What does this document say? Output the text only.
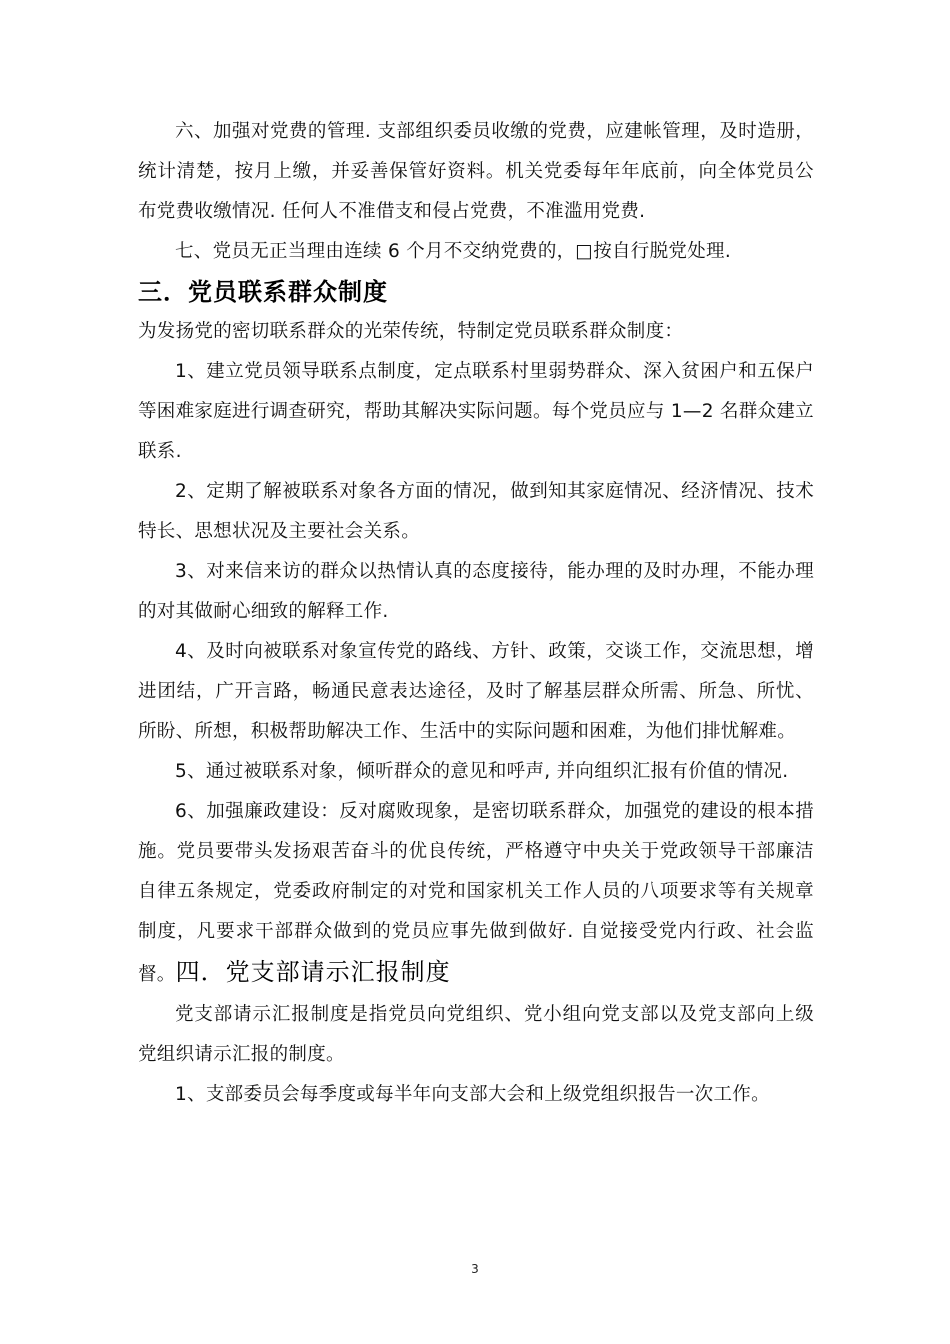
六、加强对党费的管理. 支部组织委员收缴的党费，应建帐管理，及时造册，统计清楚，按月上缴，并妥善保管好资料。机关党委每年年底前，向全体党员公布党费收缴情况. 任何人不准借支和侵占党费，不准滥用党费.

七、党员无正当理由连续 6 个月不交纳党费的，□按自行脱党处理.

三．党员联系群众制度

为发扬党的密切联系群众的光荣传统，特制定党员联系群众制度：

1、建立党员领导联系点制度，定点联系村里弱势群众、深入贫困户和五保户等困难家庭进行调查研究，帮助其解决实际问题。每个党员应与 1—2 名群众建立联系.

2、定期了解被联系对象各方面的情况，做到知其家庭情况、经济情况、技术特长、思想状况及主要社会关系。

3、对来信来访的群众以热情认真的态度接待，能办理的及时办理，不能办理的对其做耐心细致的解释工作.

4、及时向被联系对象宣传党的路线、方针、政策，交谈工作，交流思想，增进团结，广开言路，畅通民意表达途径，及时了解基层群众所需、所急、所忧、所盼、所想，积极帮助解决工作、生活中的实际问题和困难，为他们排忧解难。

5、通过被联系对象，倾听群众的意见和呼声, 并向组织汇报有价值的情况.

6、加强廉政建设：反对腐败现象，是密切联系群众，加强党的建设的根本措施。党员要带头发扬艰苦奋斗的优良传统，严格遵守中央关于党政领导干部廉洁自律五条规定，党委政府制定的对党和国家机关工作人员的八项要求等有关规章制度，凡要求干部群众做到的党员应事先做到做好. 自觉接受党内行政、社会监督。四．党支部请示汇报制度

党支部请示汇报制度是指党员向党组织、党小组向党支部以及党支部向上级党组织请示汇报的制度。

1、支部委员会每季度或每半年向支部大会和上级党组织报告一次工作。

3
